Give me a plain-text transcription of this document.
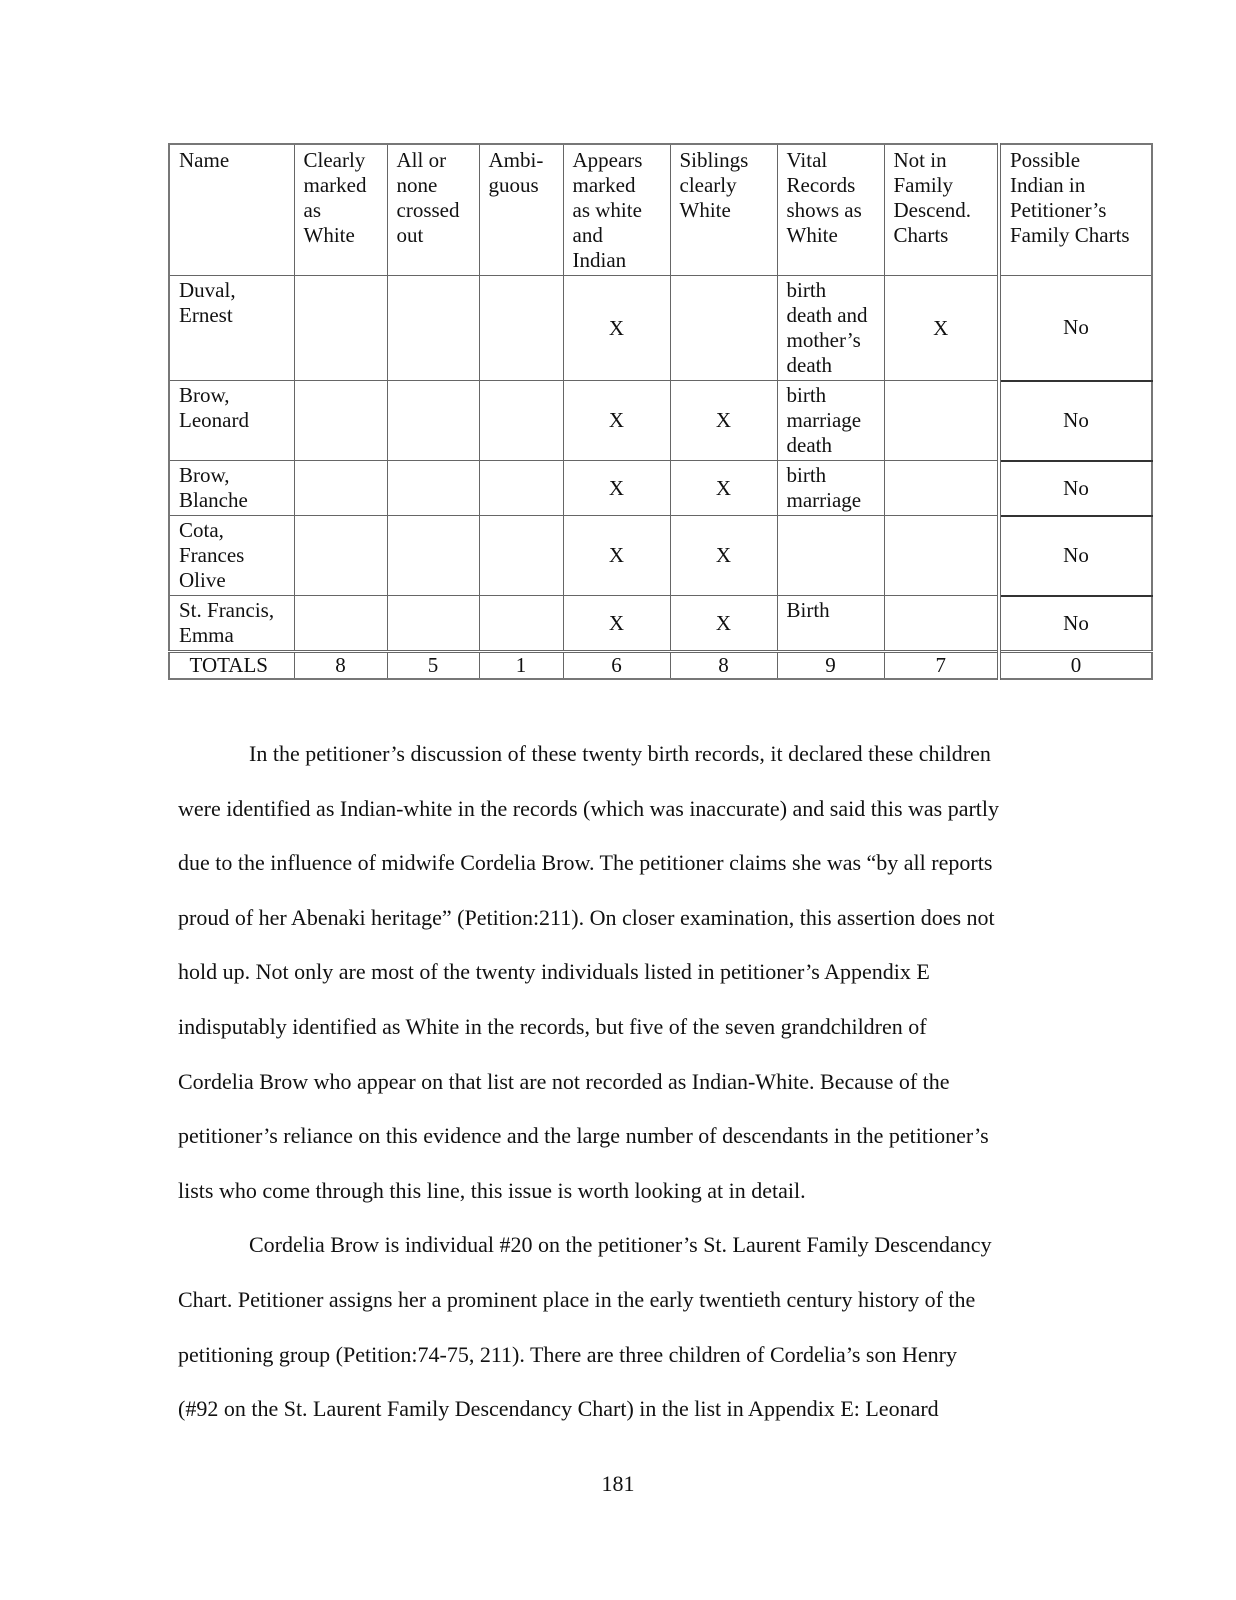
Name	Clearly
marked
as
White	All or
none
crossed
out	Ambi-
guous	Appears
marked
as white
and
Indian	Siblings
clearly
White	Vital
Records
shows as
White	Not in
Family
Descend.
Charts	Possible
Indian in
Petitioner’s
Family Charts
Duval,
Ernest				X		birth
death and
mother’s
death	X	No
Brow,
Leonard				X	X	birth
marriage
death		No
Brow,
Blanche				X	X	birth
marriage		No
Cota,
Frances
Olive				X	X			No
St. Francis,
Emma				X	X	Birth		No
TOTALS	8	5	1	6	8	9	7	0

In the petitioner’s discussion of these twenty birth records, it declared these children
were identified as Indian-white in the records (which was inaccurate) and said this was partly
due to the influence of midwife Cordelia Brow. The petitioner claims she was “by all reports
proud of her Abenaki heritage” (Petition:211). On closer examination, this assertion does not
hold up. Not only are most of the twenty individuals listed in petitioner’s Appendix E
indisputably identified as White in the records, but five of the seven grandchildren of
Cordelia Brow who appear on that list are not recorded as Indian-White. Because of the
petitioner’s reliance on this evidence and the large number of descendants in the petitioner’s
lists who come through this line, this issue is worth looking at in detail.

Cordelia Brow is individual #20 on the petitioner’s St. Laurent Family Descendancy
Chart. Petitioner assigns her a prominent place in the early twentieth century history of the
petitioning group (Petition:74-75, 211). There are three children of Cordelia’s son Henry
(#92 on the St. Laurent Family Descendancy Chart) in the list in Appendix E: Leonard

181
